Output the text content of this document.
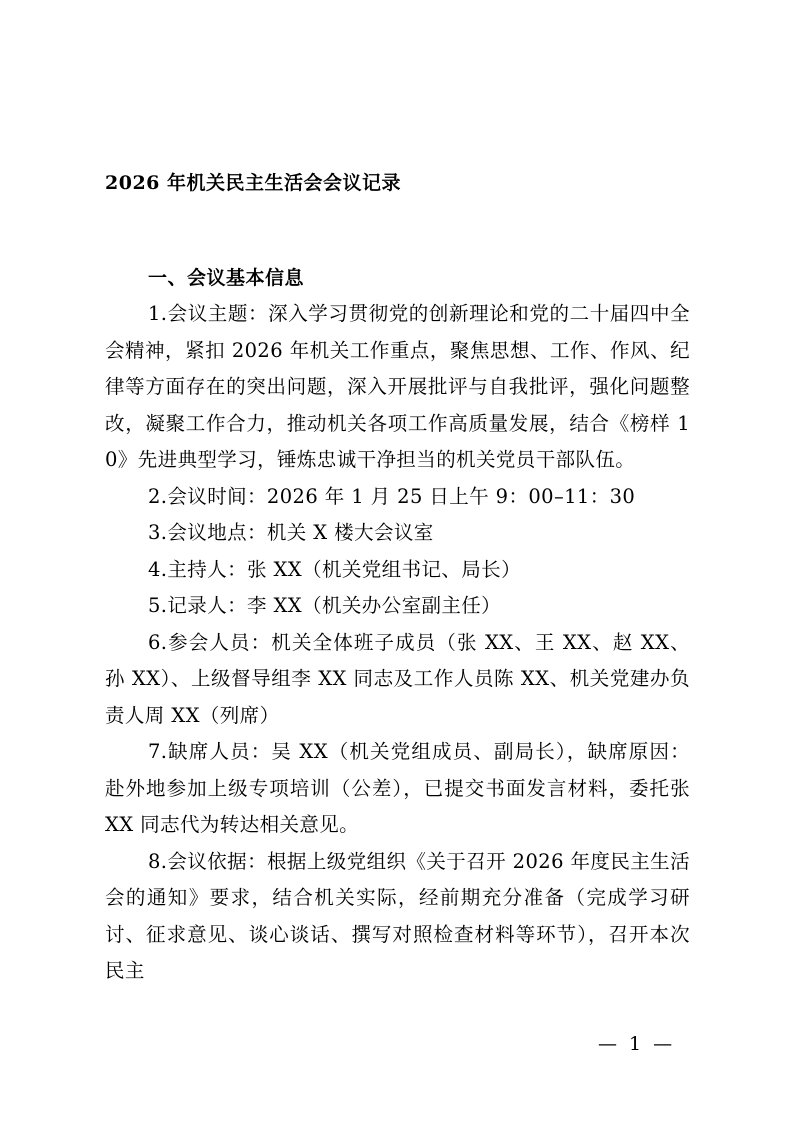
2026 年机关民主生活会会议记录
一、会议基本信息

1.会议主题：深入学习贯彻党的创新理论和党的二十届四中全会精神，紧扣 2026 年机关工作重点，聚焦思想、工作、作风、纪律等方面存在的突出问题，深入开展批评与自我批评，强化问题整改，凝聚工作合力，推动机关各项工作高质量发展，结合《榜样 10》先进典型学习，锤炼忠诚干净担当的机关党员干部队伍。

2.会议时间：2026 年 1 月 25 日上午 9：00–11：30

3.会议地点：机关 X 楼大会议室

4.主持人：张 XX（机关党组书记、局长）

5.记录人：李 XX（机关办公室副主任）

6.参会人员：机关全体班子成员（张 XX、王 XX、赵 XX、孙 XX）、上级督导组李 XX 同志及工作人员陈 XX、机关党建办负责人周 XX（列席）

7.缺席人员：吴 XX（机关党组成员、副局长），缺席原因：赴外地参加上级专项培训（公差），已提交书面发言材料，委托张 XX 同志代为转达相关意见。

8.会议依据：根据上级党组织《关于召开 2026 年度民主生活会的通知》要求，结合机关实际，经前期充分准备（完成学习研讨、征求意见、谈心谈话、撰写对照检查材料等环节），召开本次民主

— 1 —
